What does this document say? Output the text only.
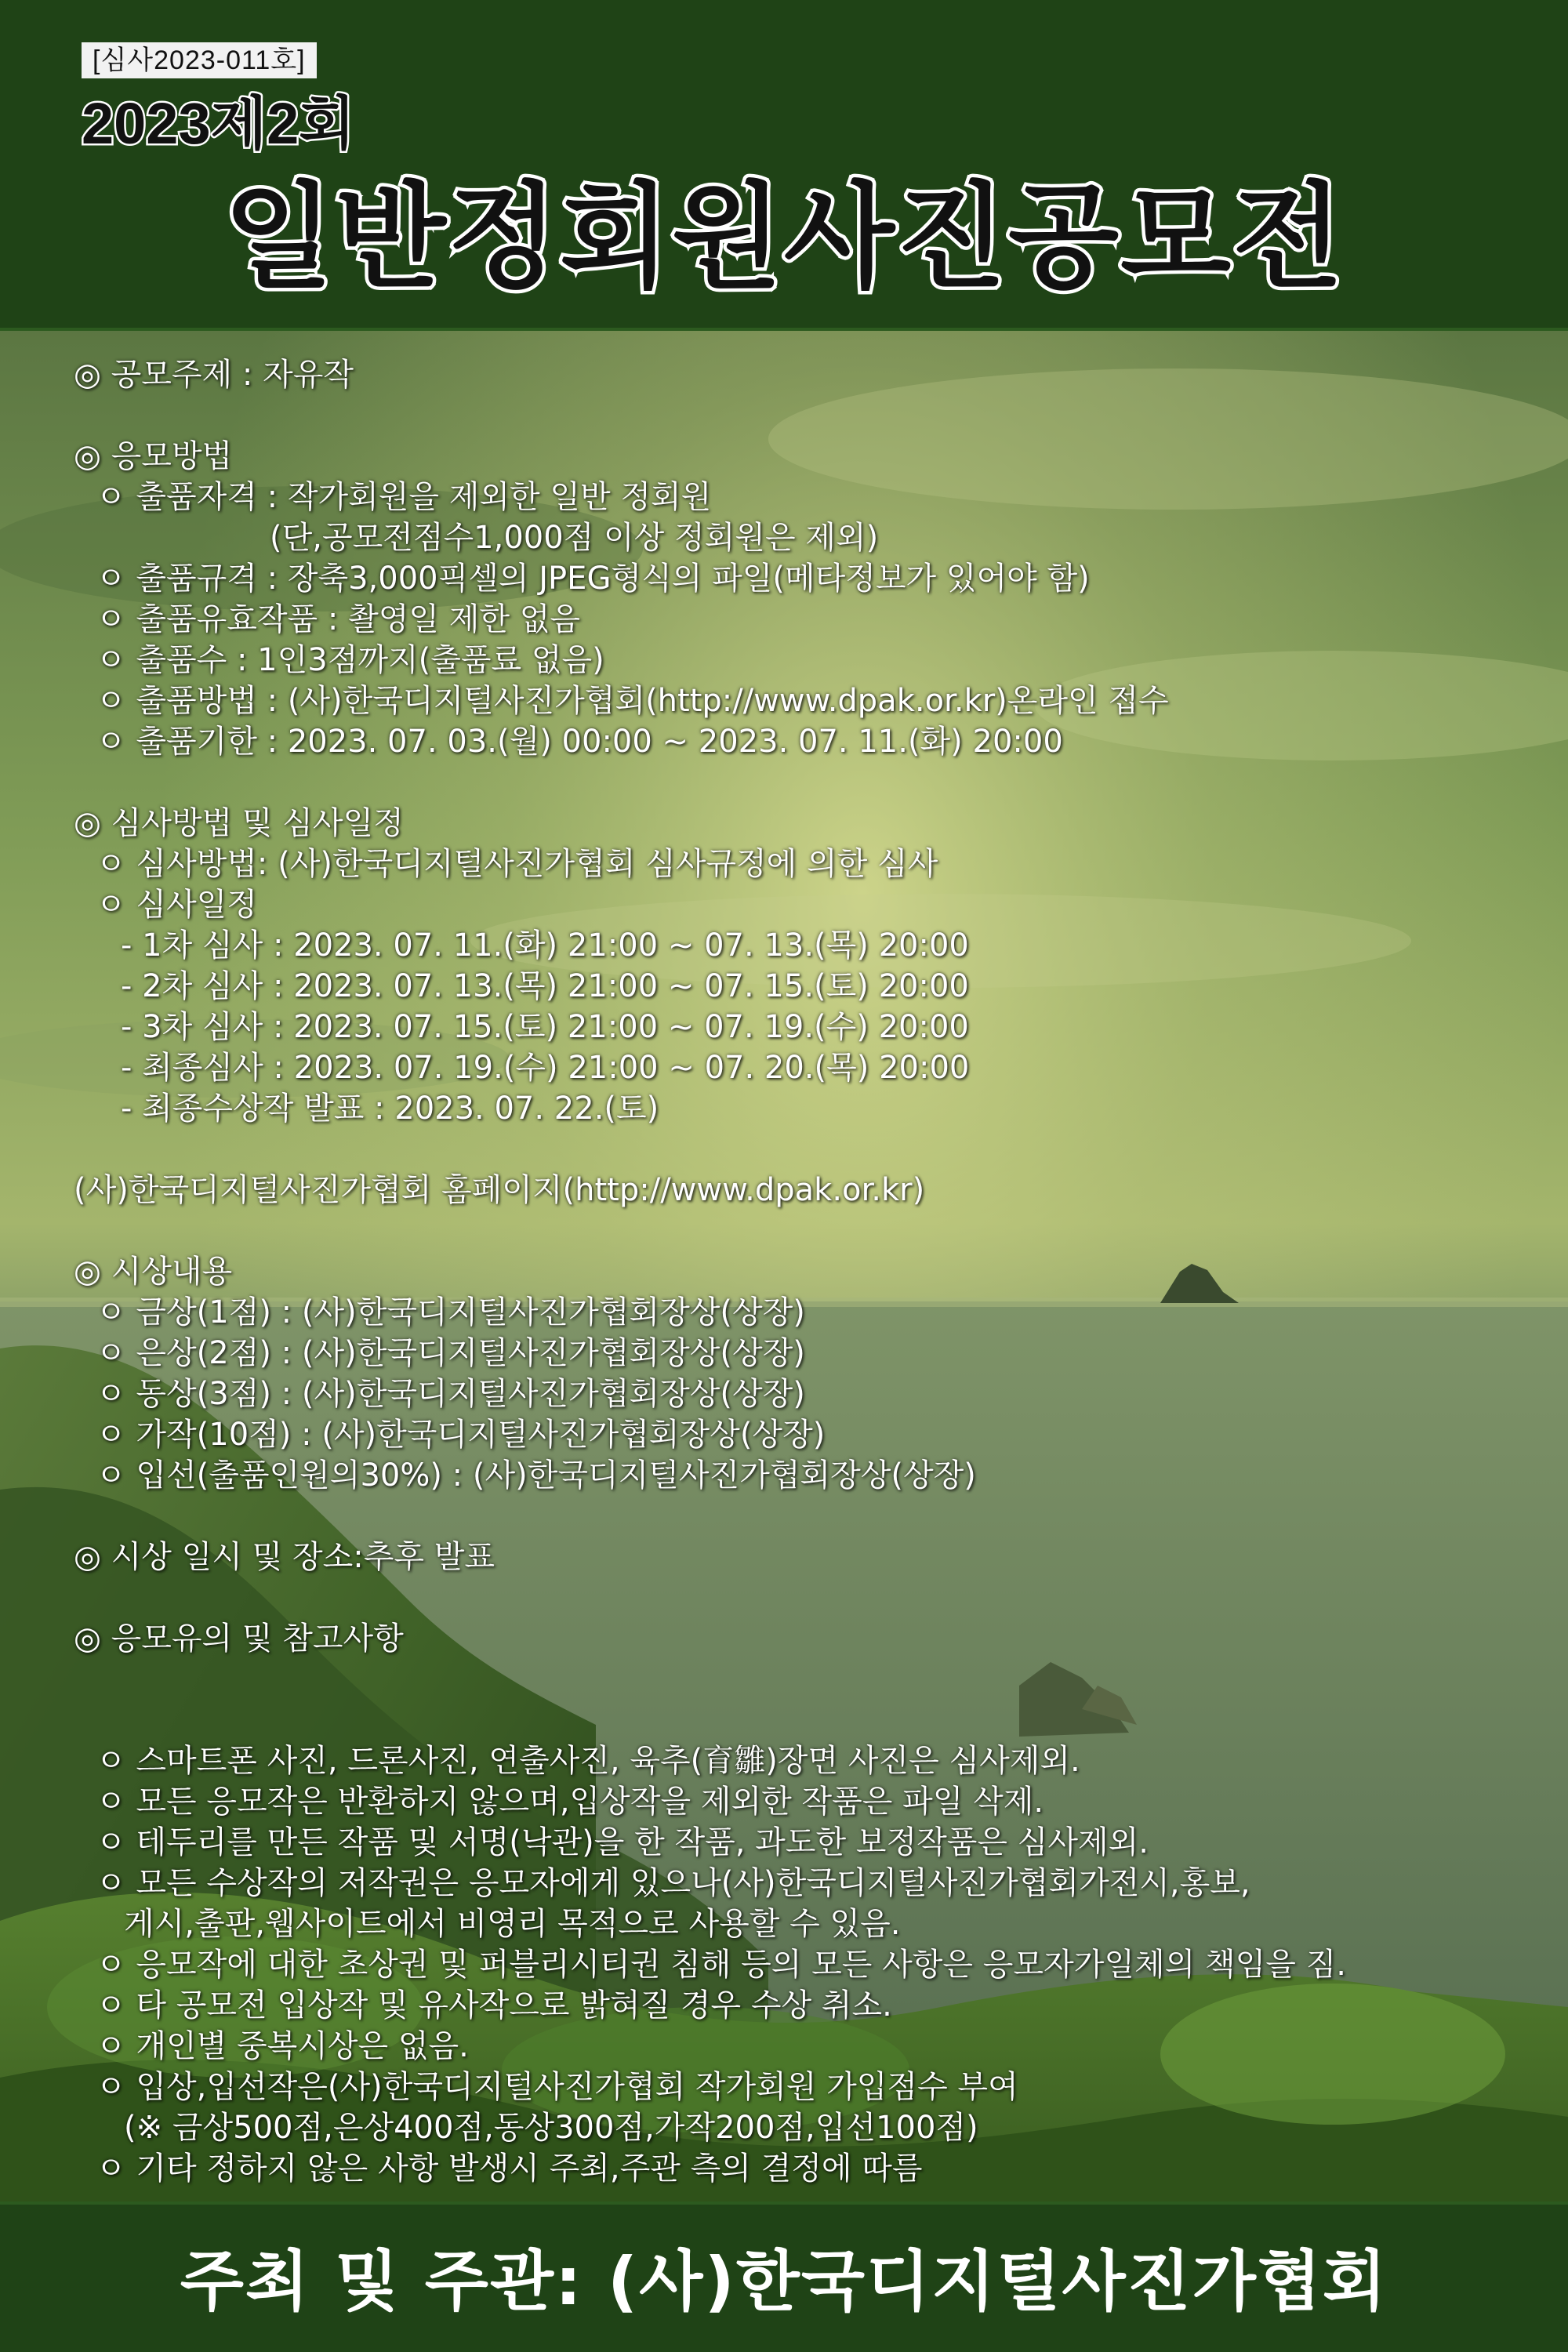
[심사2023-011호]
2023제2회
일반정회원사진공모전
◎ 공모주제 : 자유작
◎ 응모방법
ㅇ 출품자격 : 작가회원을 제외한 일반 정회원
(단,공모전점수1,000점 이상 정회원은 제외)
ㅇ 출품규격 : 장축3,000픽셀의 JPEG형식의 파일(메타정보가 있어야 함)
ㅇ 출품유효작품 : 촬영일 제한 없음
ㅇ 출품수 : 1인3점까지(출품료 없음)
ㅇ 출품방법 : (사)한국디지털사진가협회(http://www.dpak.or.kr)온라인 접수
ㅇ 출품기한 : 2023. 07. 03.(월) 00:00 ~ 2023. 07. 11.(화) 20:00
◎ 심사방법 및 심사일정
ㅇ 심사방법: (사)한국디지털사진가협회 심사규정에 의한 심사
ㅇ 심사일정
- 1차 심사 : 2023. 07. 11.(화) 21:00 ~ 07. 13.(목) 20:00
- 2차 심사 : 2023. 07. 13.(목) 21:00 ~ 07. 15.(토) 20:00
- 3차 심사 : 2023. 07. 15.(토) 21:00 ~ 07. 19.(수) 20:00
- 최종심사 : 2023. 07. 19.(수) 21:00 ~ 07. 20.(목) 20:00
- 최종수상작 발표 : 2023. 07. 22.(토)
(사)한국디지털사진가협회 홈페이지(http://www.dpak.or.kr)
◎ 시상내용
ㅇ 금상(1점) : (사)한국디지털사진가협회장상(상장)
ㅇ 은상(2점) : (사)한국디지털사진가협회장상(상장)
ㅇ 동상(3점) : (사)한국디지털사진가협회장상(상장)
ㅇ 가작(10점) : (사)한국디지털사진가협회장상(상장)
ㅇ 입선(출품인원의30%) : (사)한국디지털사진가협회장상(상장)
◎ 시상 일시 및 장소:추후 발표
◎ 응모유의 및 참고사항
ㅇ 스마트폰 사진, 드론사진, 연출사진, 육추(育雛)장면 사진은 심사제외.
ㅇ 모든 응모작은 반환하지 않으며,입상작을 제외한 작품은 파일 삭제.
ㅇ 테두리를 만든 작품 및 서명(낙관)을 한 작품, 과도한 보정작품은 심사제외.
ㅇ 모든 수상작의 저작권은 응모자에게 있으나(사)한국디지털사진가협회가전시,홍보,
게시,출판,웹사이트에서 비영리 목적으로 사용할 수 있음.
ㅇ 응모작에 대한 초상권 및 퍼블리시티권 침해 등의 모든 사항은 응모자가일체의 책임을 짐.
ㅇ 타 공모전 입상작 및 유사작으로 밝혀질 경우 수상 취소.
ㅇ 개인별 중복시상은 없음.
ㅇ 입상,입선작은(사)한국디지털사진가협회 작가회원 가입점수 부여
(※ 금상500점,은상400점,동상300점,가작200점,입선100점)
ㅇ 기타 정하지 않은 사항 발생시 주최,주관 측의 결정에 따름
주최 및 주관: (사)한국디지털사진가협회
